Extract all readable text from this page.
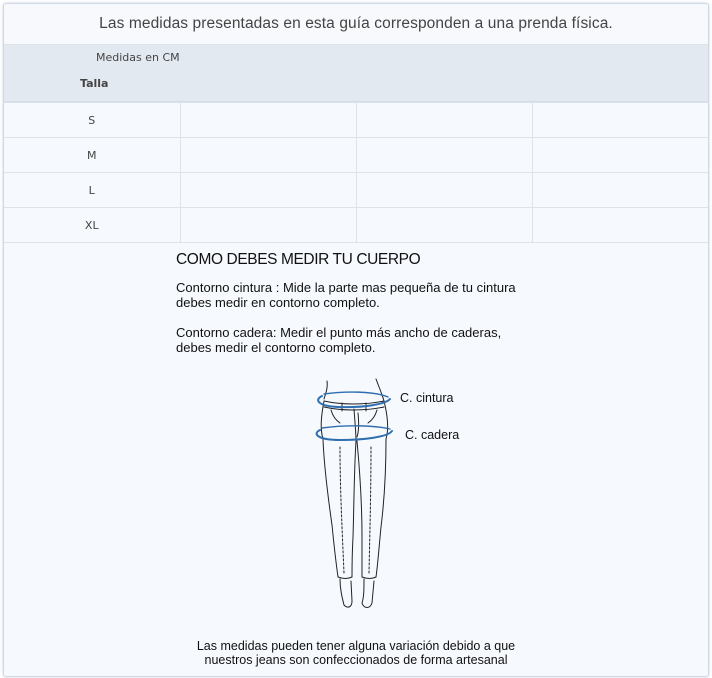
Las medidas presentadas en esta guía corresponden a una prenda física.
Medidas en CM
Talla
S			
M			
L			
XL			
COMO DEBES MEDIR TU CUERPO

Contorno cintura : Mide la parte mas pequeña de tu cintura
debes medir en contorno completo.

Contorno cadera: Medir el punto más ancho de caderas,
debes medir el contorno completo.

C. cintura
C. cadera
Las medidas pueden tener alguna variación debido a que
nuestros jeans son confeccionados de forma artesanal
